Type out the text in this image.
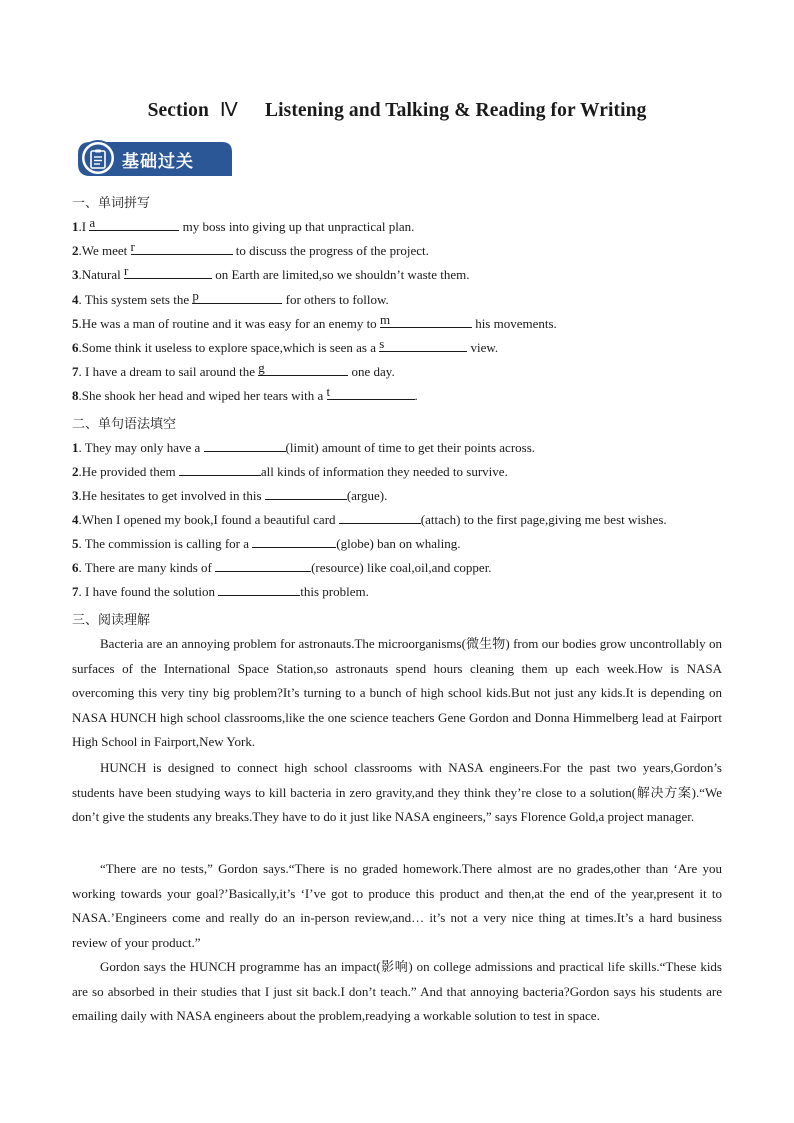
Section Ⅳ Listening and Talking & Reading for Writing
基础过关
一、单词拼写
1.I a	my boss into giving up that unpractical plan.
2.We meet r	to discuss the progress of the project.
3.Natural r	on Earth are limited,so we shouldn’t waste them.
4. This system sets the p	for others to follow.
5.He was a man of routine and it was easy for an enemy to m	his movements.
6.Some think it useless to explore space,which is seen as a s	view.
7. I have a dream to sail around the g	one day.
8.She shook her head and wiped her tears with a t	.
二、单句语法填空
1. They may only have a	(limit) amount of time to get their points across.
2.He provided them	all kinds of information they needed to survive.
3.He hesitates to get involved in this	(argue).
4.When I opened my book,I found a beautiful card	(attach) to the first page,giving me best wishes.
5. The commission is calling for a	(globe) ban on whaling.
6. There are many kinds of	(resource) like coal,oil,and copper.
7. I have found the solution	this problem.
三、阅读理解
Bacteria are an annoying problem for astronauts.The microorganisms(微生物) from our bodies grow uncontrollably on surfaces of the International Space Station,so astronauts spend hours cleaning them up each week.How is NASA overcoming this very tiny big problem?It’s turning to a bunch of high school kids.But not just any kids.It is depending on NASA HUNCH high school classrooms,like the one science teachers Gene Gordon and Donna Himmelberg lead at Fairport High School in Fairport,New York.
HUNCH is designed to connect high school classrooms with NASA engineers.For the past two years,Gordon’s students have been studying ways to kill bacteria in zero gravity,and they think they’re close to a solution(解决方案).“We don’t give the students any breaks.They have to do it just like NASA engineers,” says Florence Gold,a project manager.
“There are no tests,” Gordon says.“There is no graded homework.There almost are no grades,other than ‘Are you working towards your goal?’Basically,it’s ‘I’ve got to produce this product and then,at the end of the year,present it to NASA.’Engineers come and really do an in-person review,and… it’s not a very nice thing at times.It’s a hard business review of your product.”
Gordon says the HUNCH programme has an impact(影响) on college admissions and practical life skills.“These kids are so absorbed in their studies that I just sit back.I don’t teach.” And that annoying bacteria?Gordon says his students are emailing daily with NASA engineers about the problem,readying a workable solution to test in space.
